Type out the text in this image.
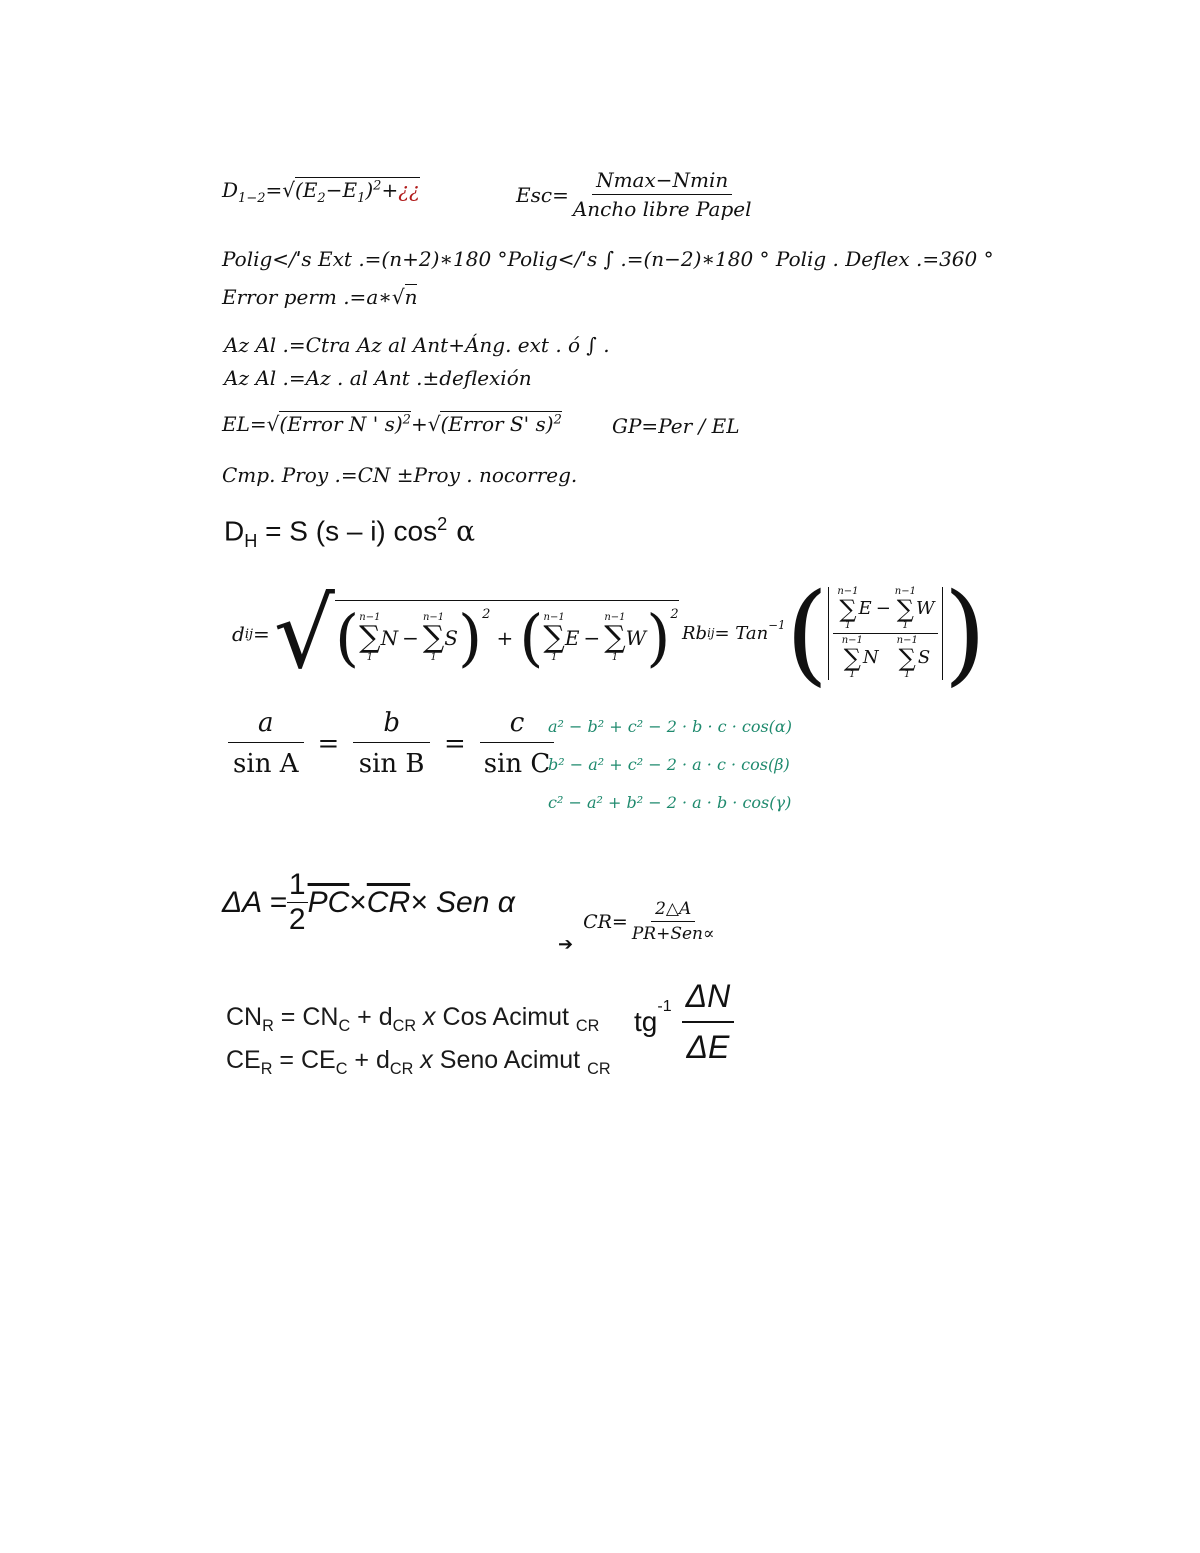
$D_{1-2}=√(E_2-E_1)^2+¿¿$	Esc = $\frac{Nmax-Nmin}{\text{Ancho libre Papel}}$
Polig</ˈs Ext .=(n+2)∗180 °Polig</ˈs ∫ .=(n−2)∗180 ° Polig . Deflex .=360 °
Error perm .=a∗√n
Az Al .=Ctra Az al Ant+Áng. ext . ó ∫ .
Az Al .=Az . al Ant .±deflexión
EL=√(Error N ' s)$^2$+√(Error S' s)$^2$	GP=Per / EL
Cmp. Proy .=CN ±Proy . nocorreg.
$D_H = S$ (s – i) $\cos^2 \alpha$
d ij = √ ( n−1
∑
1
N −
n−1
∑
1
S )$^2$
+ ( n−1
∑
1
E −
n−1
∑
1
W )$^2$
Rb ij = Tan$^{-1}$ ( n−1
∑
1
E −
n−1
∑
1
W
n−1
∑
1
N
n−1
∑
1
S )
$\frac{a}{\text{sin A}} = \frac{b}{\text{sin B}} = \frac{c}{\text{sin C}}$
a² − b² + c² − 2 · b · c · cos(α)
b² − a² + c² − 2 · a · c · cos(β)
c² − a² + b² − 2 · a · b · cos(γ)
$\Delta A = \frac{1}{2} \overline{PC} \times \overline{CR}$ × Sen α
➔
$CR= \frac{2\triangle A}{\text{PR+Sen∝}}$
$CN_R = CN_C + d_{CR}$ x Cos Acimut $_{CR}$
$CE_R = CE_C + d_{CR}$ x Seno Acimut $_{CR}$
$tg^{-1} \frac{\Delta N}{\Delta E}$
